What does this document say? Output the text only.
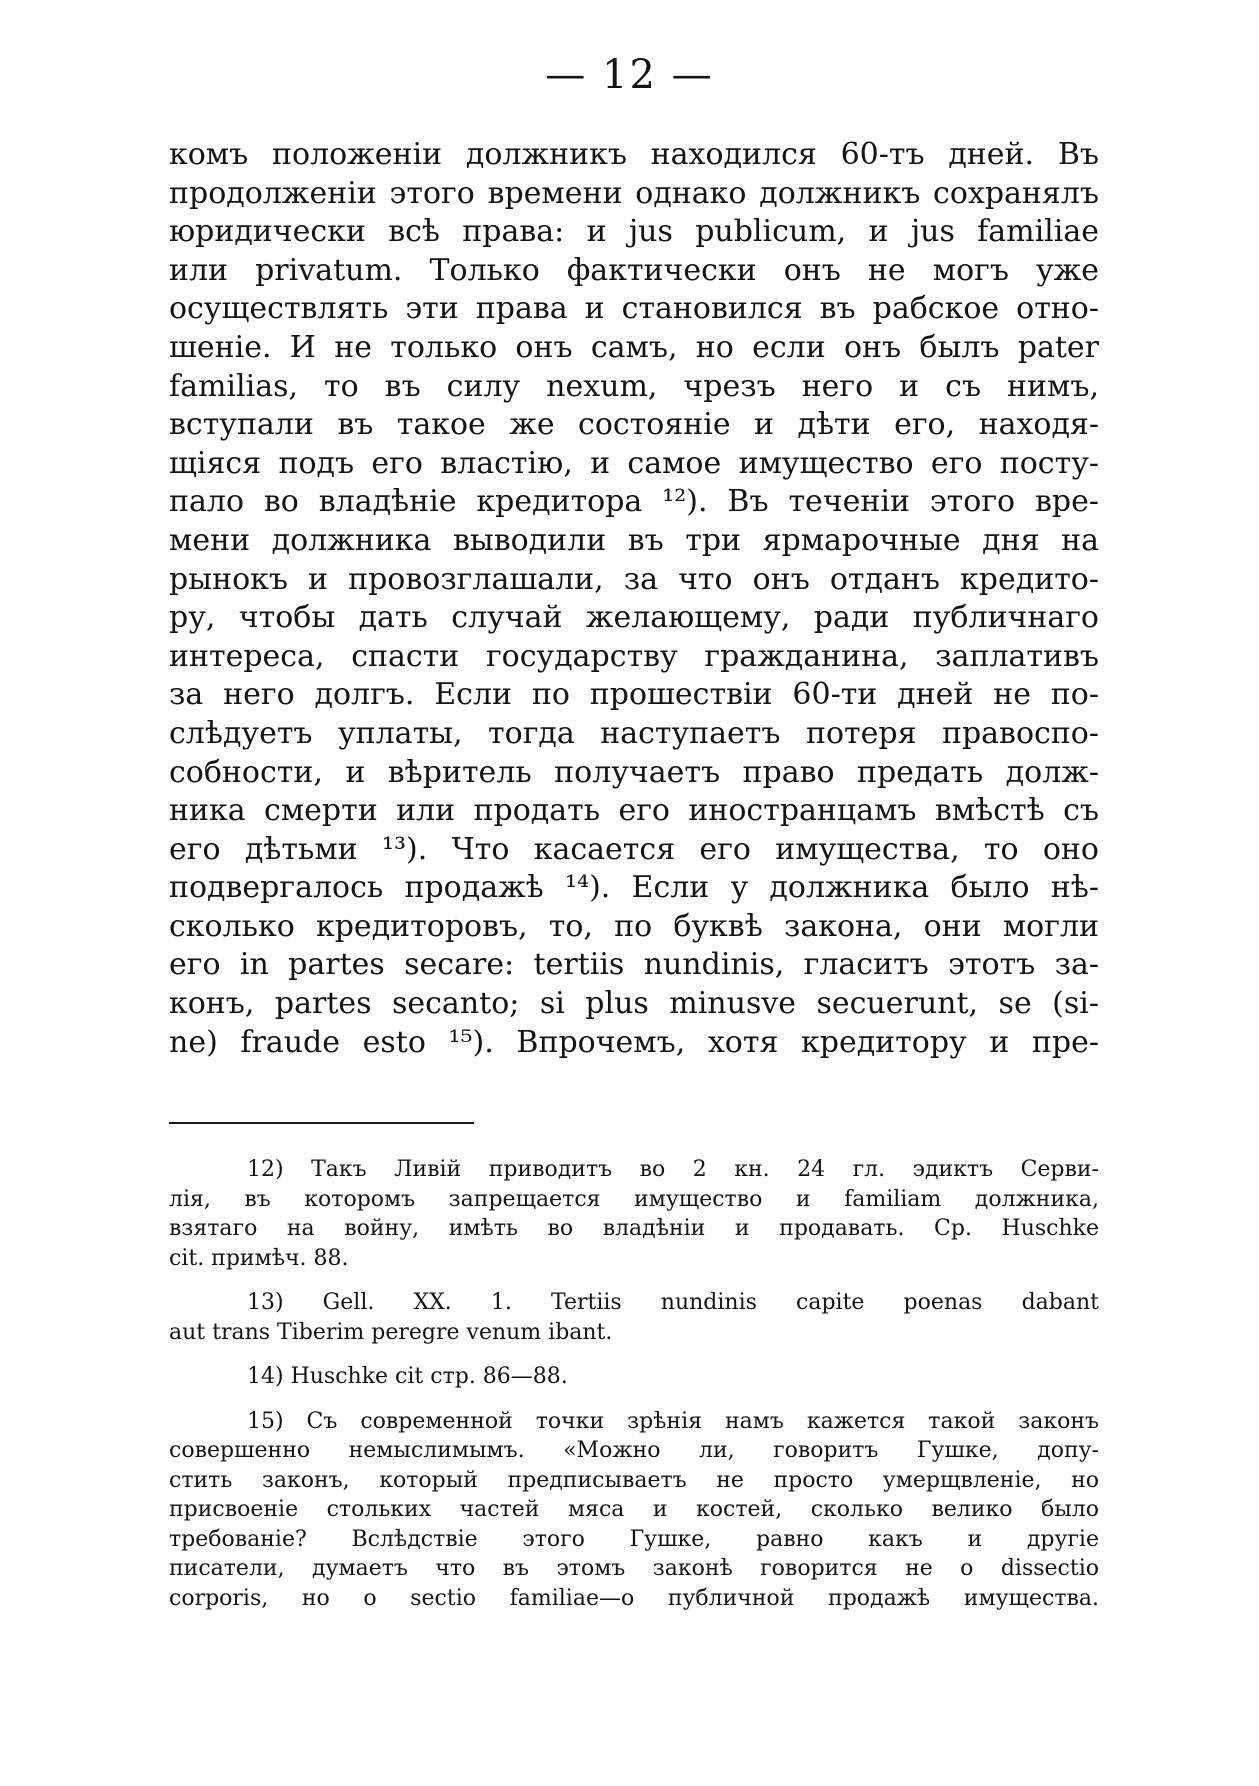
— 12 —
комъ положенiи должникъ находился 60-тъ дней. Въ
продолженiи этого времени однако должникъ сохранялъ
юридически всѣ права: и jus publicum, и jus familiae
или privatum. Только фактически онъ не могъ уже
осуществлять эти права и становился въ рабское отно-
шенiе. И не только онъ самъ, но если онъ былъ pater
familias, то въ силу nexum, чрезъ него и съ нимъ,
вступали въ такое же состоянiе и дѣти его, находя-
щiяся подъ его властiю, и самое имущество его посту-
пало во владѣнiе кредитора ¹²). Въ теченiи этого вре-
мени должника выводили въ три ярмарочные дня на
рынокъ и провозглашали, за что онъ отданъ кредито-
ру, чтобы дать случай желающему, ради публичнаго
интереса, спасти государству гражданина, заплативъ
за него долгъ. Если по прошествiи 60-ти дней не по-
слѣдуетъ уплаты, тогда наступаетъ потеря правоспо-
собности, и вѣритель получаетъ право предать долж-
ника смерти или продать его иностранцамъ вмѣстѣ съ
его дѣтьми ¹³). Что касается его имущества, то оно
подвергалось продажѣ ¹⁴). Если у должника было нѣ-
сколько кредиторовъ, то, по буквѣ закона, они могли
его in partes secare: tertiis nundinis, гласитъ этотъ за-
конъ, partes secanto; si plus minusve secuerunt, se (si-
ne) fraude esto ¹⁵). Впрочемъ, хотя кредитору и пре-
12) Такъ Ливiй приводитъ во 2 кн. 24 гл. эдиктъ Серви-
лiя, въ которомъ запрещается имущество и familiam должника,
взятаго на войну, имѣть во владѣнiи и продавать. Ср. Huschke
cit. примѣч. 88.
13) Gell. XX. 1. Tertiis nundinis capite poenas dabant
aut trans Tiberim peregre venum ibant.
14) Huschke cit стр. 86—88.
15) Съ современной точки зрѣнiя намъ кажется такой законъ
совершенно немыслимымъ. «Можно ли, говоритъ Гушке, допу-
стить законъ, который предписываетъ не просто умерщвленiе, но
присвоенiе стольких частей мяса и костей, сколько велико было
требованiе? Вслѣдствiе этого Гушке, равно какъ и другiе
писатели, думаетъ что въ этомъ законѣ говорится не о dissectio
corporis, но о sectio familiae—о публичной продажѣ имущества.
